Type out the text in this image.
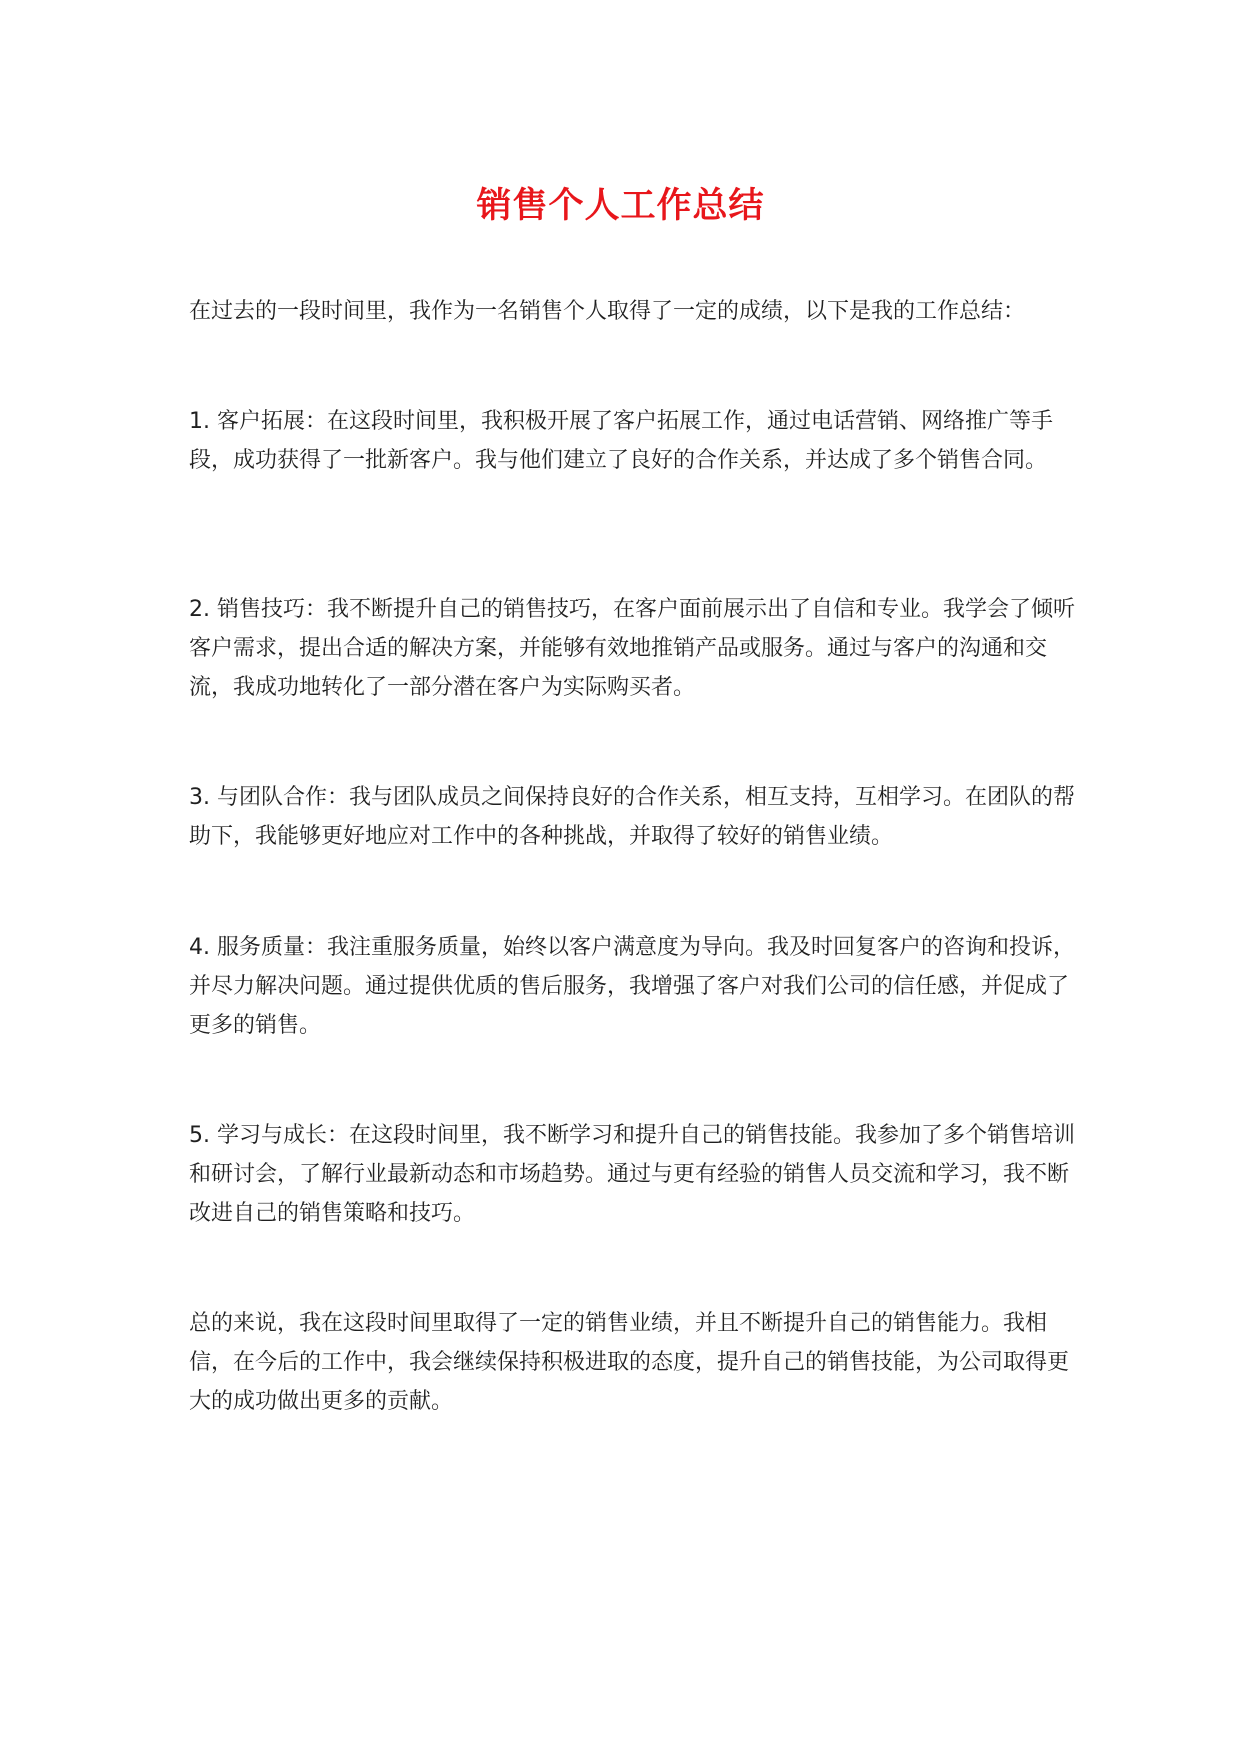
销售个人工作总结

在过去的一段时间里，我作为一名销售个人取得了一定的成绩，以下是我的工作总结：

1. 客户拓展：在这段时间里，我积极开展了客户拓展工作，通过电话营销、网络推广等手段，成功获得了一批新客户。我与他们建立了良好的合作关系，并达成了多个销售合同。

2. 销售技巧：我不断提升自己的销售技巧，在客户面前展示出了自信和专业。我学会了倾听客户需求，提出合适的解决方案，并能够有效地推销产品或服务。通过与客户的沟通和交流，我成功地转化了一部分潜在客户为实际购买者。

3. 与团队合作：我与团队成员之间保持良好的合作关系，相互支持，互相学习。在团队的帮助下，我能够更好地应对工作中的各种挑战，并取得了较好的销售业绩。

4. 服务质量：我注重服务质量，始终以客户满意度为导向。我及时回复客户的咨询和投诉，并尽力解决问题。通过提供优质的售后服务，我增强了客户对我们公司的信任感，并促成了更多的销售。

5. 学习与成长：在这段时间里，我不断学习和提升自己的销售技能。我参加了多个销售培训和研讨会，了解行业最新动态和市场趋势。通过与更有经验的销售人员交流和学习，我不断改进自己的销售策略和技巧。

总的来说，我在这段时间里取得了一定的销售业绩，并且不断提升自己的销售能力。我相信，在今后的工作中，我会继续保持积极进取的态度，提升自己的销售技能，为公司取得更大的成功做出更多的贡献。
